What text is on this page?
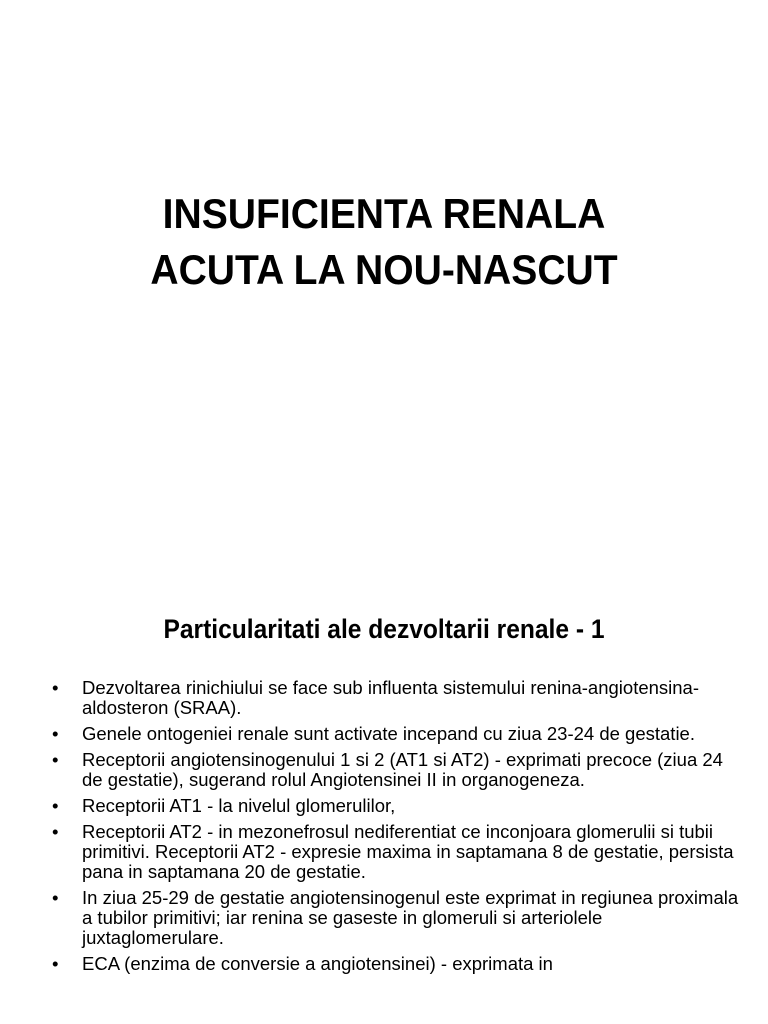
INSUFICIENTA RENALA
ACUTA LA NOU-NASCUT
Particularitati ale dezvoltarii renale - 1
• Dezvoltarea rinichiului se face sub influenta sistemului renina-angiotensina-aldosteron (SRAA).
• Genele ontogeniei renale sunt activate incepand cu ziua 23-24 de gestatie.
• Receptorii angiotensinogenului 1 si 2 (AT1 si AT2) - exprimati precoce (ziua 24 de gestatie), sugerand rolul Angiotensinei II in organogeneza.
• Receptorii AT1 - la nivelul glomerulilor,
• Receptorii AT2 - in mezonefrosul nediferentiat ce inconjoara glomerulii si tubii primitivi. Receptorii AT2 - expresie maxima in saptamana 8 de gestatie, persista pana in saptamana 20 de gestatie.
• In ziua 25-29 de gestatie angiotensinogenul este exprimat in regiunea proximala a tubilor primitivi; iar renina se gaseste in glomeruli si arteriolele juxtaglomerulare.
• ECA (enzima de conversie a angiotensinei) - exprimata in
